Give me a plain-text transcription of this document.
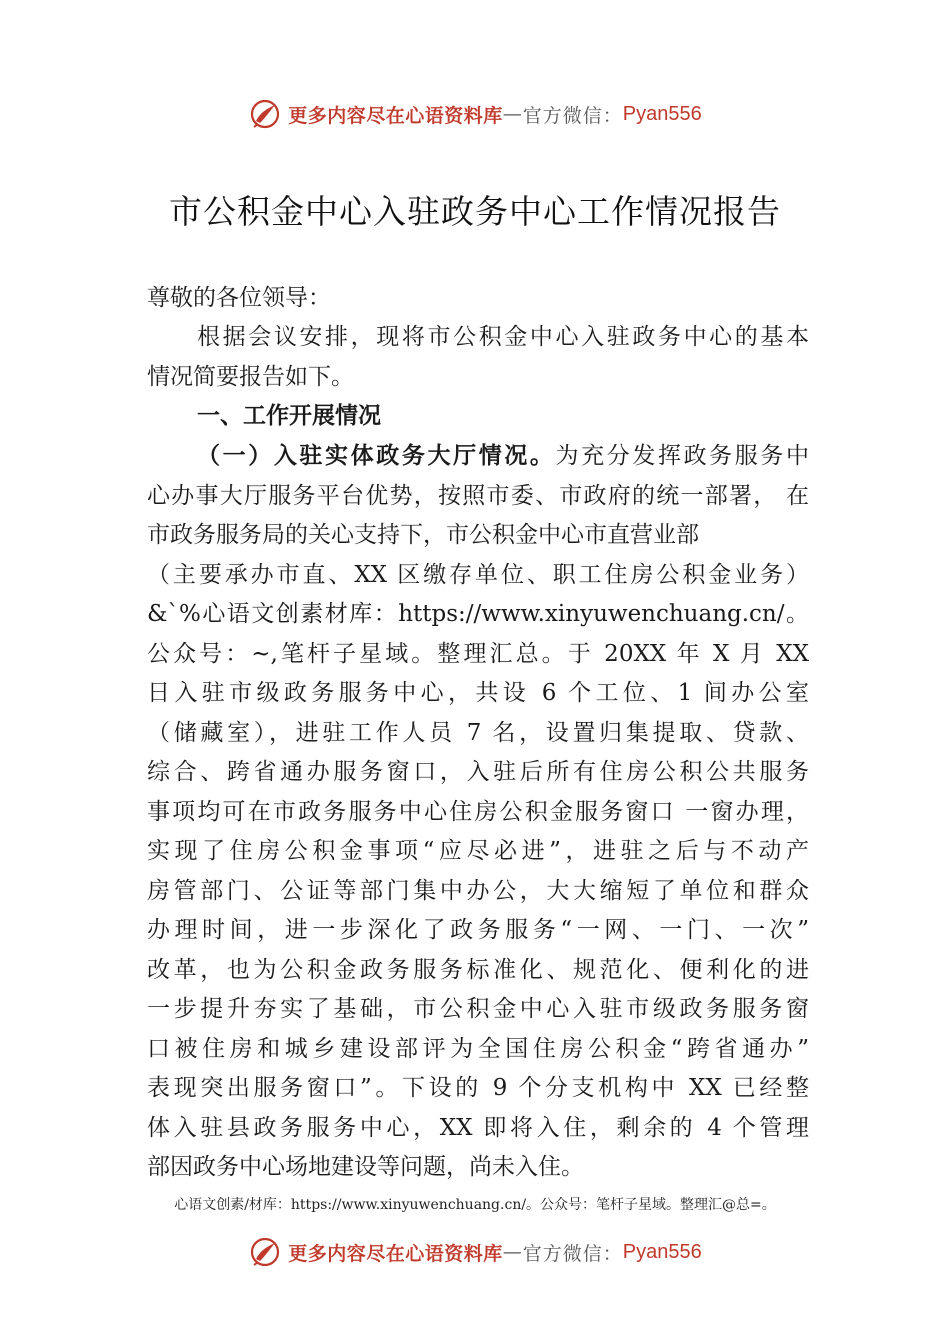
更多内容尽在心语资料库 — 官方微信： Pyan556
市公积金中心入驻政务中心工作情况报告
尊敬的各位领导：
根据会议安排，现将市公积金中心入驻政务中心的基本
情况简要报告如下。
一、工作开展情况
（一）入驻实体政务大厅情况。为充分发挥政务服务中
心办事大厅服务平台优势，按照市委、市政府的统一部署， 在
市政务服务局的关心支持下，市公积金中心市直营业部
（主要承办市直、XX 区缴存单位、职工住房公积金业务）
&`%心语文创素材库：https://www.xinyuwenchuang.cn/。
公众号：~,笔杆子星域。整理汇总。于 20XX 年 X 月 XX
日入驻市级政务服务中心，共设 6 个工位、1 间办公室
（储藏室），进驻工作人员 7 名，设置归集提取、贷款、
综合、跨省通办服务窗口，入驻后所有住房公积公共服务
事项均可在市政务服务中心住房公积金服务窗口 一窗办理，
实现了住房公积金事项“应尽必进”，进驻之后与不动产
房管部门、公证等部门集中办公，大大缩短了单位和群众
办理时间，进一步深化了政务服务“一网、一门、一次”
改革，也为公积金政务服务标准化、规范化、便利化的进
一步提升夯实了基础，市公积金中心入驻市级政务服务窗
口被住房和城乡建设部评为全国住房公积金“跨省通办”
表现突出服务窗口”。下设的 9 个分支机构中 XX 已经整
体入驻县政务服务中心，XX 即将入住，剩余的 4 个管理
部因政务中心场地建设等问题，尚未入住。
心语文创素/材库：https://www.xinyuwenchuang.cn/。公众号：笔杆子星域。整理汇@总=。
更多内容尽在心语资料库 — 官方微信： Pyan556
